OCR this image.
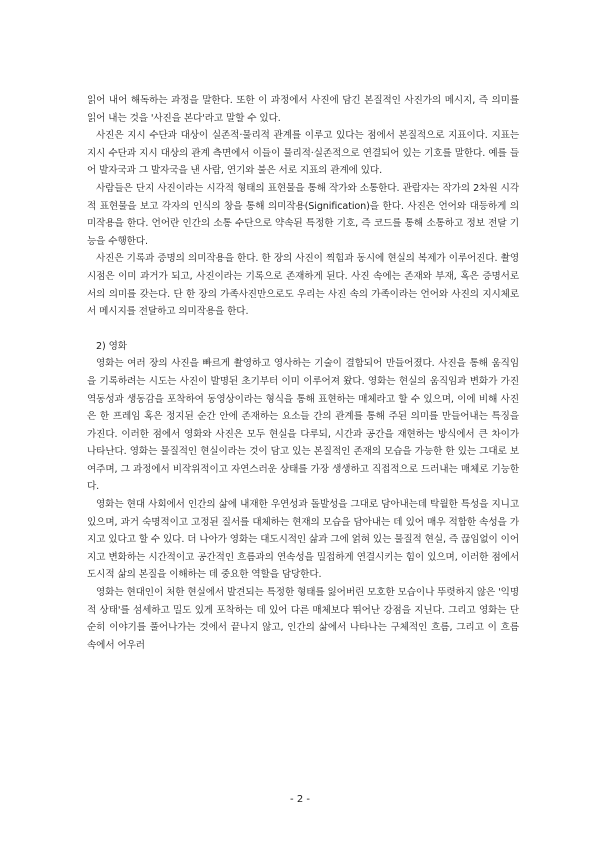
읽어 내어 해독하는 과정을 말한다. 또한 이 과정에서 사진에 담긴 본질적인 사진가의 메시지, 즉 의미를 읽어 내는 것을 '사진을 본다'라고 말할 수 있다.

사진은 지시 수단과 대상이 실존적·물리적 관계를 이루고 있다는 점에서 본질적으로 지표이다. 지표는 지시 수단과 지시 대상의 관계 측면에서 이들이 물리적·실존적으로 연결되어 있는 기호를 말한다. 예를 들어 발자국과 그 발자국을 낸 사람, 연기와 불은 서로 지표의 관계에 있다.

사람들은 단지 사진이라는 시각적 형태의 표현물을 통해 작가와 소통한다. 관람자는 작가의 2차원 시각적 표현물을 보고 각자의 인식의 창을 통해 의미작용(Signification)을 한다. 사진은 언어와 대등하게 의미작용을 한다. 언어란 인간의 소통 수단으로 약속된 특정한 기호, 즉 코드를 통해 소통하고 정보 전달 기능을 수행한다.

사진은 기록과 증명의 의미작용을 한다. 한 장의 사진이 찍힘과 동시에 현실의 복제가 이루어진다. 촬영 시점은 이미 과거가 되고, 사진이라는 기록으로 존재하게 된다. 사진 속에는 존재와 부재, 혹은 증명서로서의 의미를 갖는다. 단 한 장의 가족사진만으로도 우리는 사진 속의 가족이라는 언어와 사진의 지시체로서 메시지를 전달하고 의미작용을 한다.

2) 영화

영화는 여러 장의 사진을 빠르게 촬영하고 영사하는 기술이 결합되어 만들어졌다. 사진을 통해 움직임을 기록하려는 시도는 사진이 발명된 초기부터 이미 이루어져 왔다. 영화는 현실의 움직임과 변화가 가진 역동성과 생동감을 포착하여 동영상이라는 형식을 통해 표현하는 매체라고 할 수 있으며, 이에 비해 사진은 한 프레임 혹은 정지된 순간 안에 존재하는 요소들 간의 관계를 통해 주된 의미를 만들어내는 특징을 가진다. 이러한 점에서 영화와 사진은 모두 현실을 다루되, 시간과 공간을 재현하는 방식에서 큰 차이가 나타난다. 영화는 물질적인 현실이라는 것이 담고 있는 본질적인 존재의 모습을 가능한 한 있는 그대로 보여주며, 그 과정에서 비작위적이고 자연스러운 상태를 가장 생생하고 직접적으로 드러내는 매체로 기능한다.

영화는 현대 사회에서 인간의 삶에 내재한 우연성과 돌발성을 그대로 담아내는데 탁월한 특성을 지니고 있으며, 과거 숙명적이고 고정된 질서를 대체하는 현재의 모습을 담아내는 데 있어 매우 적합한 속성을 가지고 있다고 할 수 있다. 더 나아가 영화는 대도시적인 삶과 그에 얽혀 있는 물질적 현실, 즉 끊임없이 이어지고 변화하는 시간적이고 공간적인 흐름과의 연속성을 밀접하게 연결시키는 힘이 있으며, 이러한 점에서 도시적 삶의 본질을 이해하는 데 중요한 역할을 담당한다.

영화는 현대인이 처한 현실에서 발견되는 특정한 형태를 잃어버린 모호한 모습이나 뚜렷하지 않은 '익명적 상태'를 섬세하고 밀도 있게 포착하는 데 있어 다른 매체보다 뛰어난 강점을 지닌다. 그리고 영화는 단순히 이야기를 풀어나가는 것에서 끝나지 않고, 인간의 삶에서 나타나는 구체적인 흐름, 그리고 이 흐름 속에서 어우러

- 2 -
